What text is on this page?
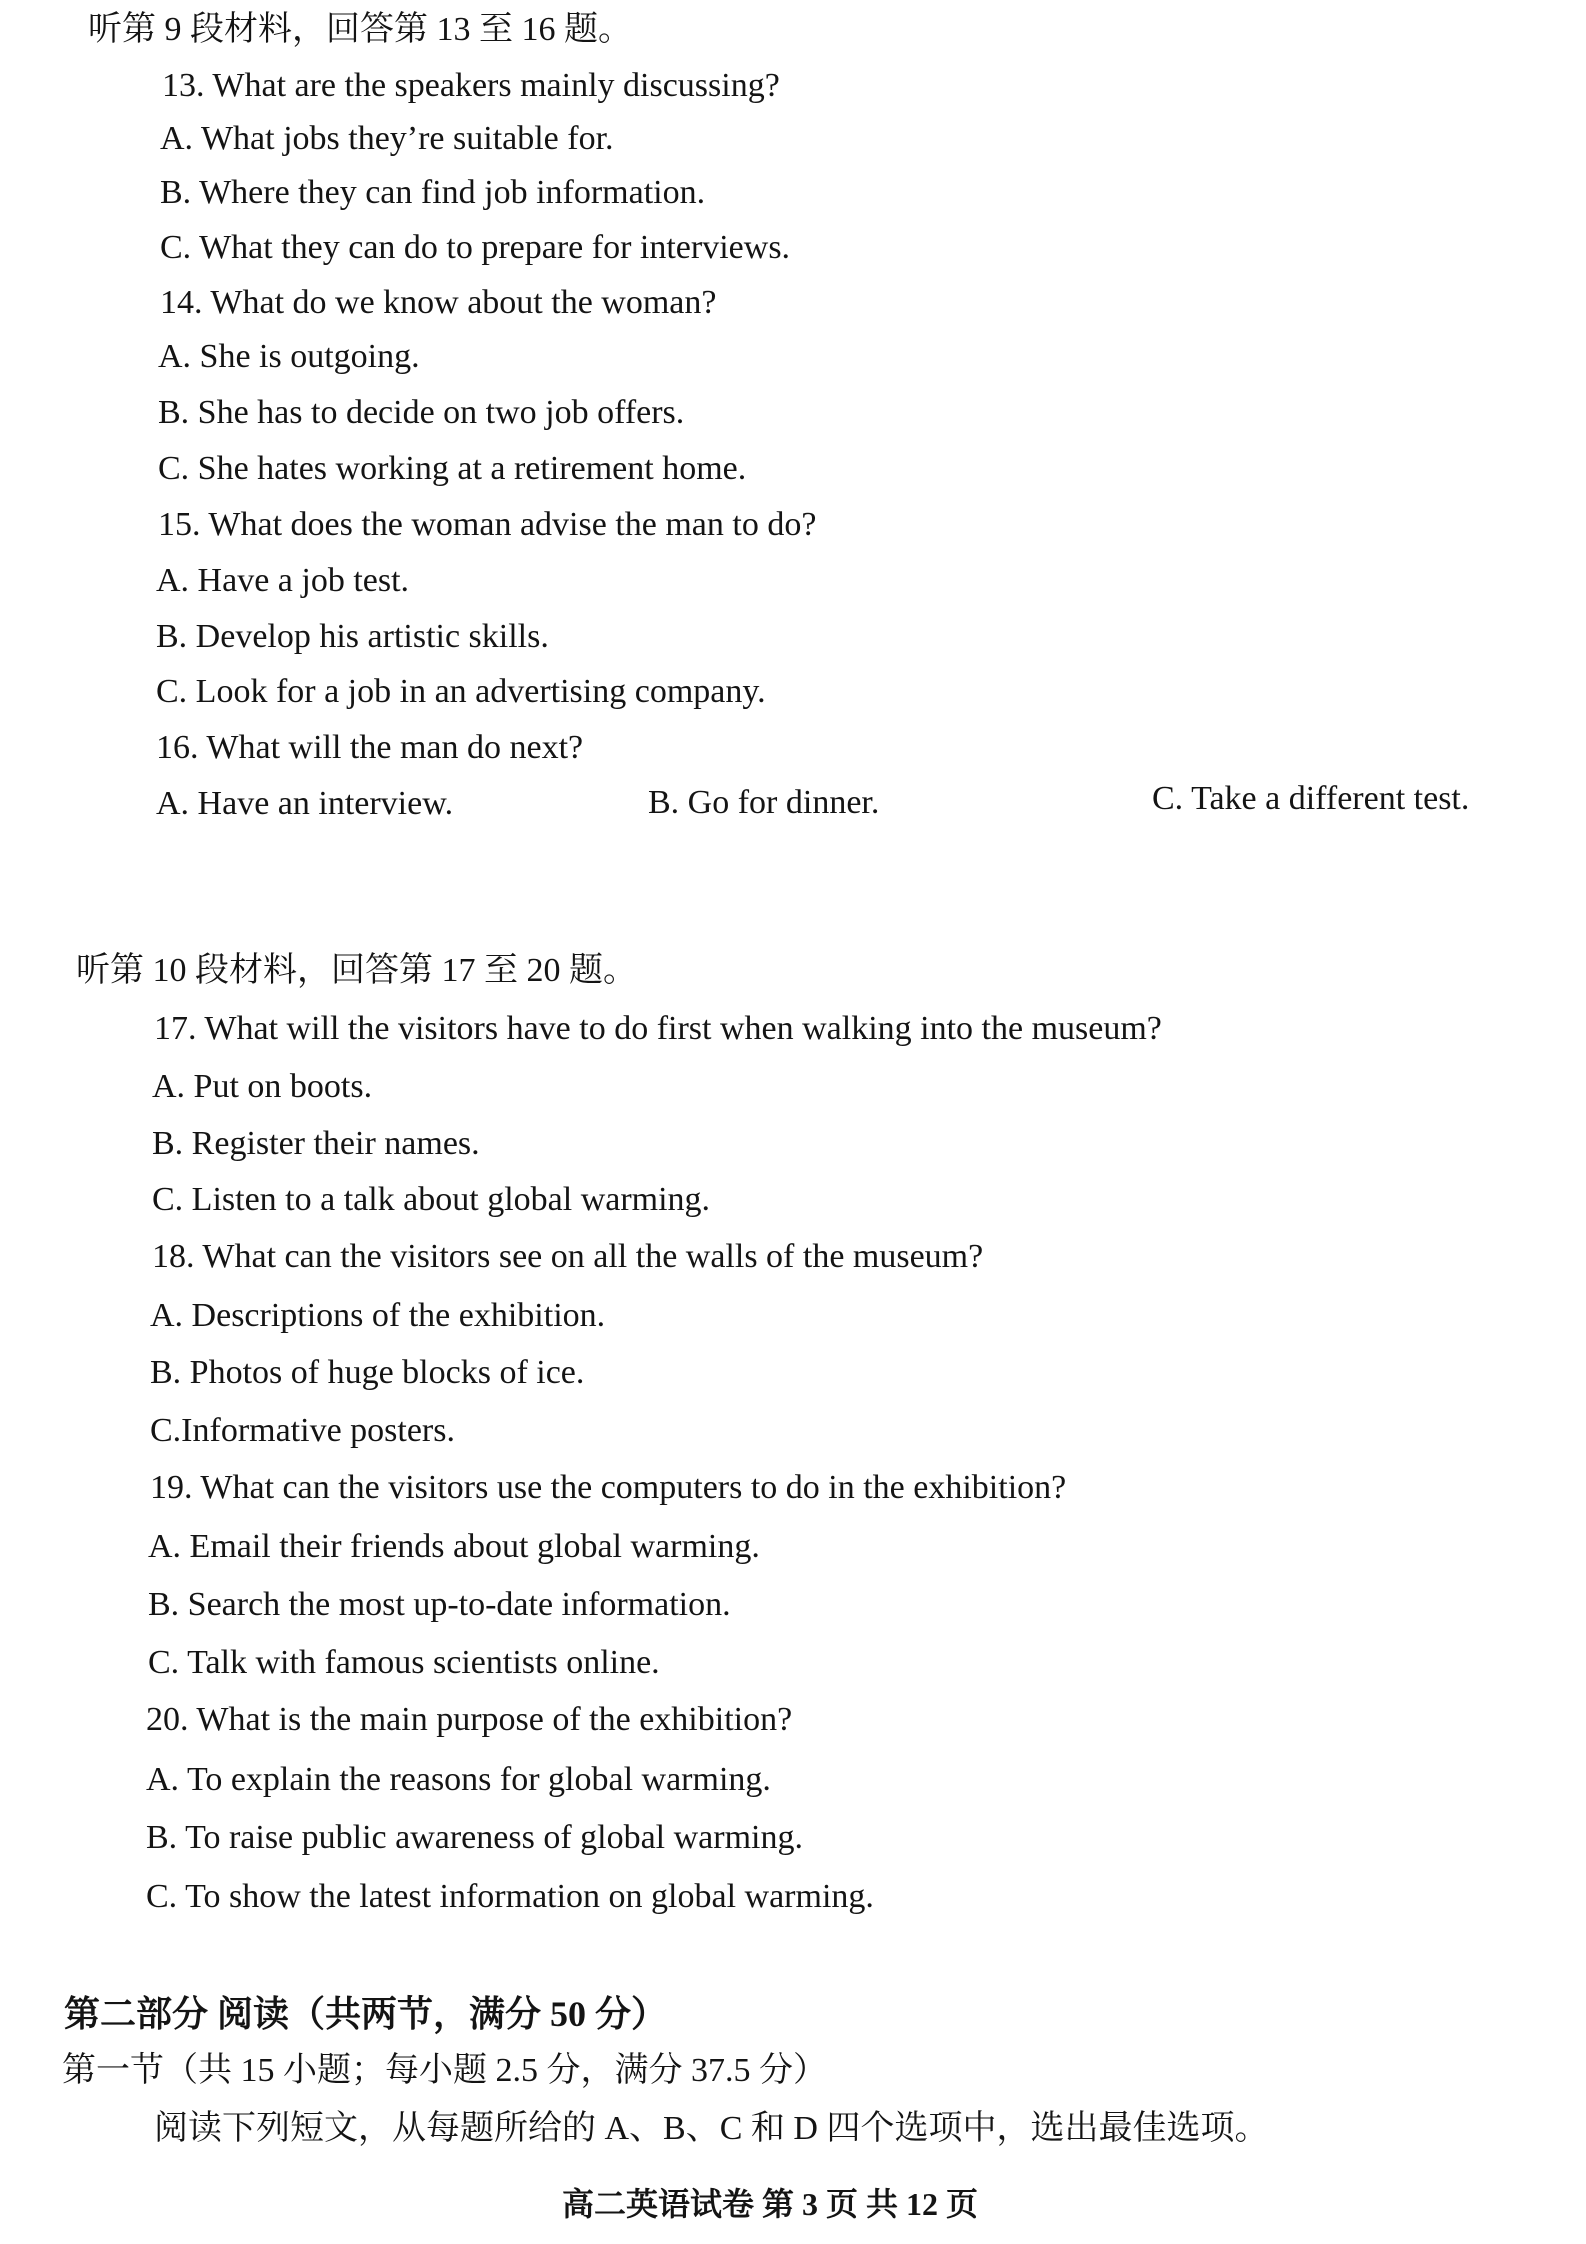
听第 9 段材料，回答第 13 至 16 题。
13. What are the speakers mainly discussing?
A. What jobs they’re suitable for.
B. Where they can find job information.
C. What they can do to prepare for interviews.
14. What do we know about the woman?
A. She is outgoing.
B. She has to decide on two job offers.
C. She hates working at a retirement home.
15. What does the woman advise the man to do?
A. Have a job test.
B. Develop his artistic skills.
C. Look for a job in an advertising company.
16. What will the man do next?
A. Have an interview.	B. Go for dinner.	C. Take a different test.
听第 10 段材料，回答第 17 至 20 题。
17. What will the visitors have to do first when walking into the museum?
A. Put on boots.
B. Register their names.
C. Listen to a talk about global warming.
18. What can the visitors see on all the walls of the museum?
A. Descriptions of the exhibition.
B. Photos of huge blocks of ice.
C.Informative posters.
19. What can the visitors use the computers to do in the exhibition?
A. Email their friends about global warming.
B. Search the most up-to-date information.
C. Talk with famous scientists online.
20. What is the main purpose of the exhibition?
A. To explain the reasons for global warming.
B. To raise public awareness of global warming.
C. To show the latest information on global warming.
第二部分 阅读（共两节，满分 50 分）
第一节（共 15 小题；每小题 2.5 分，满分 37.5 分）
阅读下列短文，从每题所给的 A、B、C 和 D 四个选项中，选出最佳选项。
高二英语试卷 第 3 页 共 12 页
